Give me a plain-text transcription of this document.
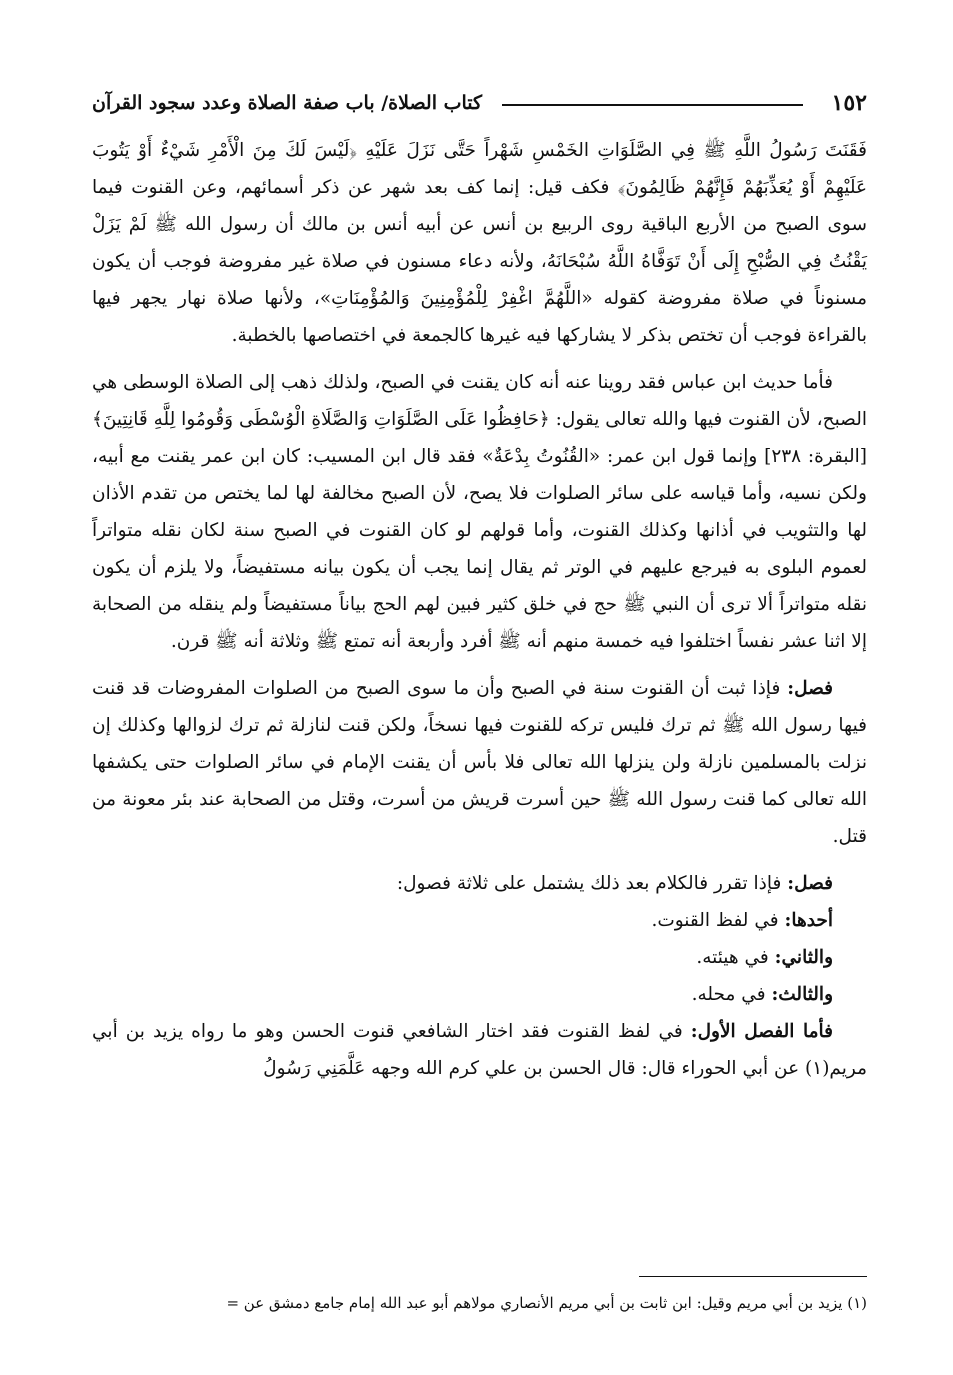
١٥٢
كتاب الصلاة/ باب صفة الصلاة وعدد سجود القرآن

فَقَنَتَ رَسُولُ اللَّهِ ﷺ فِي الصَّلَوَاتِ الخَمْسِ شَهْراً حَتَّى نَزَلَ عَلَيْهِ ﴿لَيْسَ لَكَ مِنَ الْأَمْرِ شَيْءٌ أَوْ يَتُوبَ عَلَيْهِمْ أَوْ يُعَذِّبَهُمْ فَإِنَّهُمْ ظَالِمُونَ﴾ فكف قيل: إنما كف بعد شهر عن ذكر أسمائهم، وعن القنوت فيما سوى الصبح من الأربع الباقية روى الربيع بن أنس عن أبيه أنس بن مالك أن رسول الله ﷺ لَمْ يَزَلْ يَقْنُتُ فِي الصُّبْحِ إِلَى أَنْ تَوَفَّاهُ اللَّهُ سُبْحَانَهُ، ولأنه دعاء مسنون في صلاة غير مفروضة فوجب أن يكون مسنوناً في صلاة مفروضة كقوله «اللَّهُمَّ اغْفِرْ لِلْمُؤْمِنِينَ وَالمُؤْمِنَاتِ»، ولأنها صلاة نهار يجهر فيها بالقراءة فوجب أن تختص بذكر لا يشاركها فيه غيرها كالجمعة في اختصاصها بالخطبة.

فأما حديث ابن عباس فقد روينا عنه أنه كان يقنت في الصبح، ولذلك ذهب إلى الصلاة الوسطى هي الصبح، لأن القنوت فيها والله تعالى يقول: ﴿حَافِظُوا عَلَى الصَّلَوَاتِ وَالصَّلَاةِ الْوُسْطَى وَقُومُوا لِلَّهِ قَانِتِينَ﴾ [البقرة: ٢٣٨] وإنما قول ابن عمر: «القُنُوتُ بِدْعَةٌ» فقد قال ابن المسيب: كان ابن عمر يقنت مع أبيه، ولكن نسيه، وأما قياسه على سائر الصلوات فلا يصح، لأن الصبح مخالفة لها لما يختص من تقدم الأذان لها والتثويب في أذانها وكذلك القنوت، وأما قولهم لو كان القنوت في الصبح سنة لكان نقله متواتراً لعموم البلوى به فيرجع عليهم في الوتر ثم يقال إنما يجب أن يكون بيانه مستفيضاً، ولا يلزم أن يكون نقله متواتراً ألا ترى أن النبي ﷺ حج في خلق كثير فبين لهم الحج بياناً مستفيضاً ولم ينقله من الصحابة إلا اثنا عشر نفساً اختلفوا فيه خمسة منهم أنه ﷺ أفرد وأربعة أنه تمتع ﷺ وثلاثة أنه ﷺ قرن.

فصل: فإذا ثبت أن القنوت سنة في الصبح وأن ما سوى الصبح من الصلوات المفروضات قد قنت فيها رسول الله ﷺ ثم ترك فليس تركه للقنوت فيها نسخاً، ولكن قنت لنازلة ثم ترك لزوالها وكذلك إن نزلت بالمسلمين نازلة ولن ينزلها الله تعالى فلا بأس أن يقنت الإمام في سائر الصلوات حتى يكشفها الله تعالى كما قنت رسول الله ﷺ حين أسرت قريش من أسرت، وقتل من الصحابة عند بئر معونة من قتل.

فصل: فإذا تقرر فالكلام بعد ذلك يشتمل على ثلاثة فصول:

أحدها: في لفظ القنوت.

والثاني: في هيئته.

والثالث: في محله.

فأما الفصل الأول: في لفظ القنوت فقد اختار الشافعي قنوت الحسن وهو ما رواه يزيد بن أبي مريم(١) عن أبي الحوراء قال: قال الحسن بن علي كرم الله وجهه عَلَّمَنِي رَسُولُ

(١) يزيد بن أبي مريم وقيل: ابن ثابت بن أبي مريم الأنصاري مولاهم أبو عبد الله إمام جامع دمشق عن =
